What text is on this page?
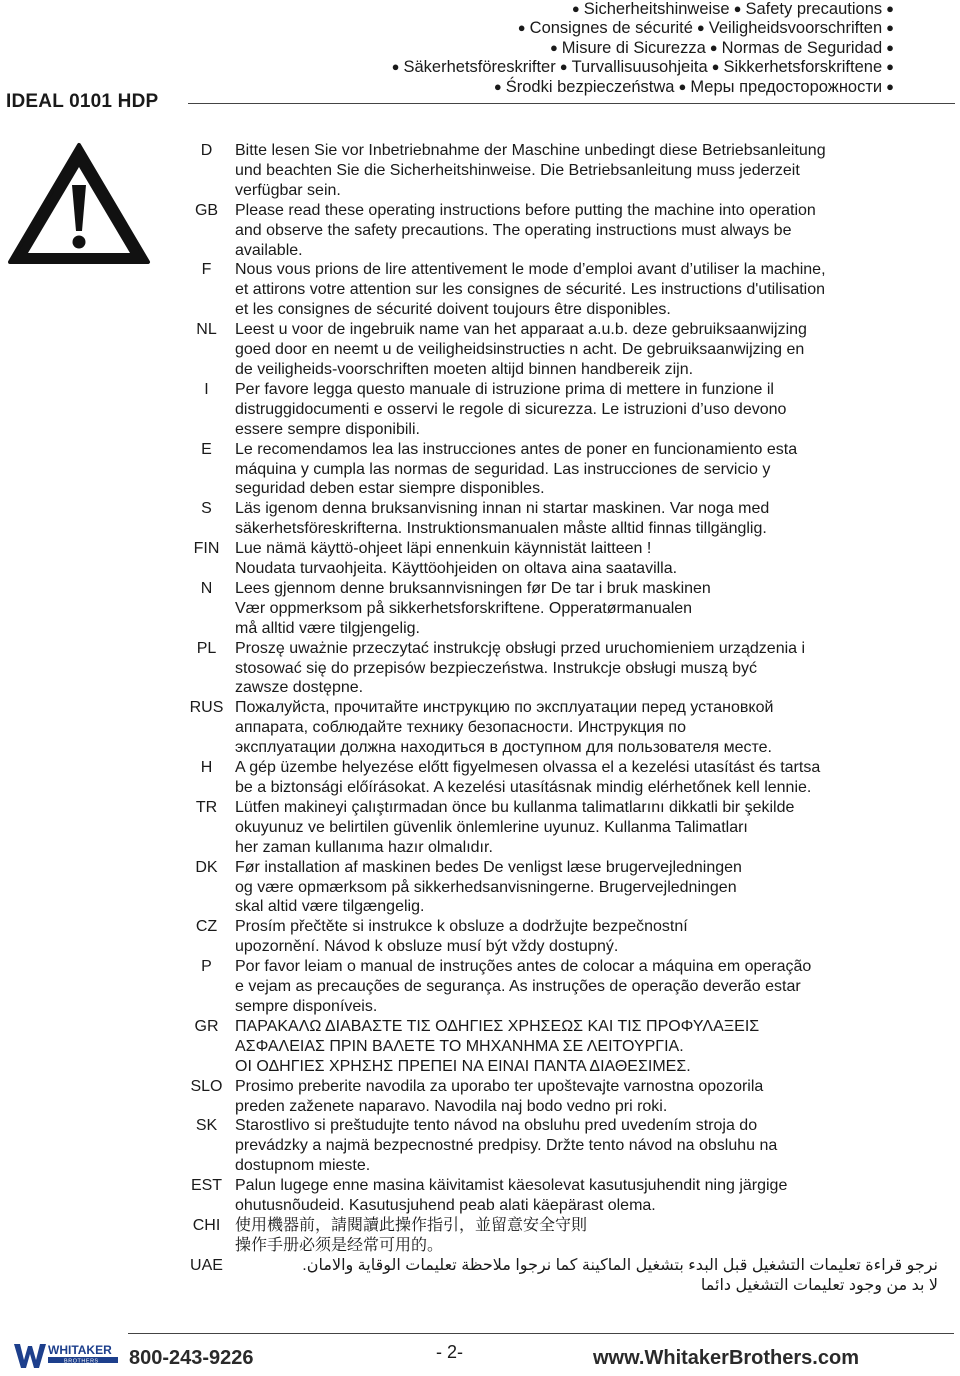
● Sicherheitshinweise ● Safety precautions ●
● Consignes de sécurité ● Veiligheidsvoorschriften ●
● Misure di Sicurezza ● Normas de Seguridad ●
● Säkerhetsföreskrifter ● Turvallisuusohjeita ● Sikkerhetsforskriftene ●
● Środki bezpieczeństwa ● Меры предосторожности ●
IDEAL 0101 HDP
D	Bitte lesen Sie vor Inbetriebnahme der Maschine unbedingt diese Betriebsanleitung
und beachten Sie die Sicherheitshinweise. Die Betriebsanleitung muss jederzeit
verfügbar sein.
GB	Please read these operating instructions before putting the machine into operation
and observe the safety precautions. The operating instructions must always be
available.
F	Nous vous prions de lire attentivement le mode d’emploi avant d’utiliser la machine,
et attirons votre attention sur les consignes de sécurité. Les instructions d'utilisation
et les consignes de sécurité doivent toujours être disponibles.
NL	Leest u voor de ingebruik name van het apparaat a.u.b. deze gebruiksaanwijzing
goed door en neemt u de veiligheidsinstructies n acht. De gebruiksaanwijzing en
de veiligheids-voorschriften moeten altijd binnen handbereik zijn.
I	Per favore legga questo manuale di istruzione prima di mettere in funzione il
distruggidocumenti e osservi le regole di sicurezza. Le istruzioni d’uso devono
essere sempre disponibili.
E	Le recomendamos lea las instrucciones antes de poner en funcionamiento esta
máquina y cumpla las normas de seguridad. Las instrucciones de servicio y
seguridad deben estar siempre disponibles.
S	Läs igenom denna bruksanvisning innan ni startar maskinen. Var noga med
säkerhetsföreskrifterna. Instruktionsmanualen måste alltid finnas tillgänglig.
FIN Lue nämä käyttö-ohjeet läpi ennenkuin käynnistät laitteen !
Noudata turvaohjeita. Käyttöohjeiden on oltava aina saatavilla.
N	Lees gjennom denne bruksannvisningen før De tar i bruk maskinen
Vær oppmerksom på sikkerhetsforskriftene. Opperatørmanualen
må alltid være tilgjengelig.
PL	Proszę uważnie przeczytać instrukcję obsługi przed uruchomieniem urządzenia i
stosować się do przepisów bezpieczeństwa. Instrukcje obsługi muszą być
zawsze dostępne.
RUS Пожалуйста, прочитайте инструкцию по эксплуатации перед установкой
аппарата, соблюдайте технику безопасности. Инструкция по
эксплуатации должна находиться в доступном для пользователя месте.
H	A gép üzembe helyezése előtt figyelmesen olvassa el a kezelési utasítást és tartsa
be a biztonsági előírásokat. A kezelési utasításnak mindig elérhetőnek kell lennie.
TR	Lütfen makineyi çalıştırmadan önce bu kullanma talimatlarını dikkatli bir şekilde
okuyunuz ve belirtilen güvenlik önlemlerine uyunuz. Kullanma Talimatları
her zaman kullanıma hazır olmalıdır.
DK	Før installation af maskinen bedes De venligst læse brugervejledningen
og være opmærksom på sikkerhedsanvisningerne. Brugervejledningen
skal altid være tilgængelig.
CZ	Prosím přečtěte si instrukce k obsluze a dodržujte bezpečnostní
upozornění. Návod k obsluze musí být vždy dostupný.
P	Por favor leiam o manual de instruções antes de colocar a máquina em operação
e vejam as precauções de segurança. As instruções de operação deverão estar
sempre disponíveis.
GR	ΠΑΡΑΚΑΛΩ ΔΙΑΒΑΣΤΕ ΤΙΣ ΟΔΗΓΙΕΣ ΧΡΗΣΕΩΣ ΚΑΙ ΤΙΣ ΠΡΟΦΥΛΑΞΕΙΣ
ΑΣΦΑΛΕΙΑΣ ΠΡΙΝ ΒΑΛΕΤΕ ΤΟ ΜΗΧΑΝΗΜΑ ΣΕ ΛΕΙΤΟΥΡΓΙΑ.
ΟΙ ΟΔΗΓΙΕΣ ΧΡΗΣΗΣ ΠΡΕΠΕΙ ΝΑ ΕΙΝΑΙ ΠΑΝΤΑ ΔΙΑΘΕΣΙΜΕΣ.
SLO Prosimo preberite navodila za uporabo ter upoštevajte varnostna opozorila
preden zaženete naparavo. Navodila naj bodo vedno pri roki.
SK	Starostlivo si preštudujte tento návod na obsluhu pred uvedením stroja do
prevádzky a najmä bezpecnostné predpisy. Držte tento návod na obsluhu na
dostupnom mieste.
EST Palun lugege enne masina käivitamist käesolevat kasutusjuhendit ning järgige
ohutusnõudeid. Kasutusjuhend peab alati käepärast olema.
CHI 使用機器前，請閱讀此操作指引，並留意安全守則
操作手册必须是经常可用的。
UAE	نرجو قراءة تعليمات التشغيل قبل البدء بتشغيل الماكينة كما نرجوا ملاحظة تعليمات الوقاية والامان.
لا بد من وجود تعليمات التشغيل دائما
WHITAKER
BROTHERS 800-243-9226	- 2-	www.WhitakerBrothers.com
